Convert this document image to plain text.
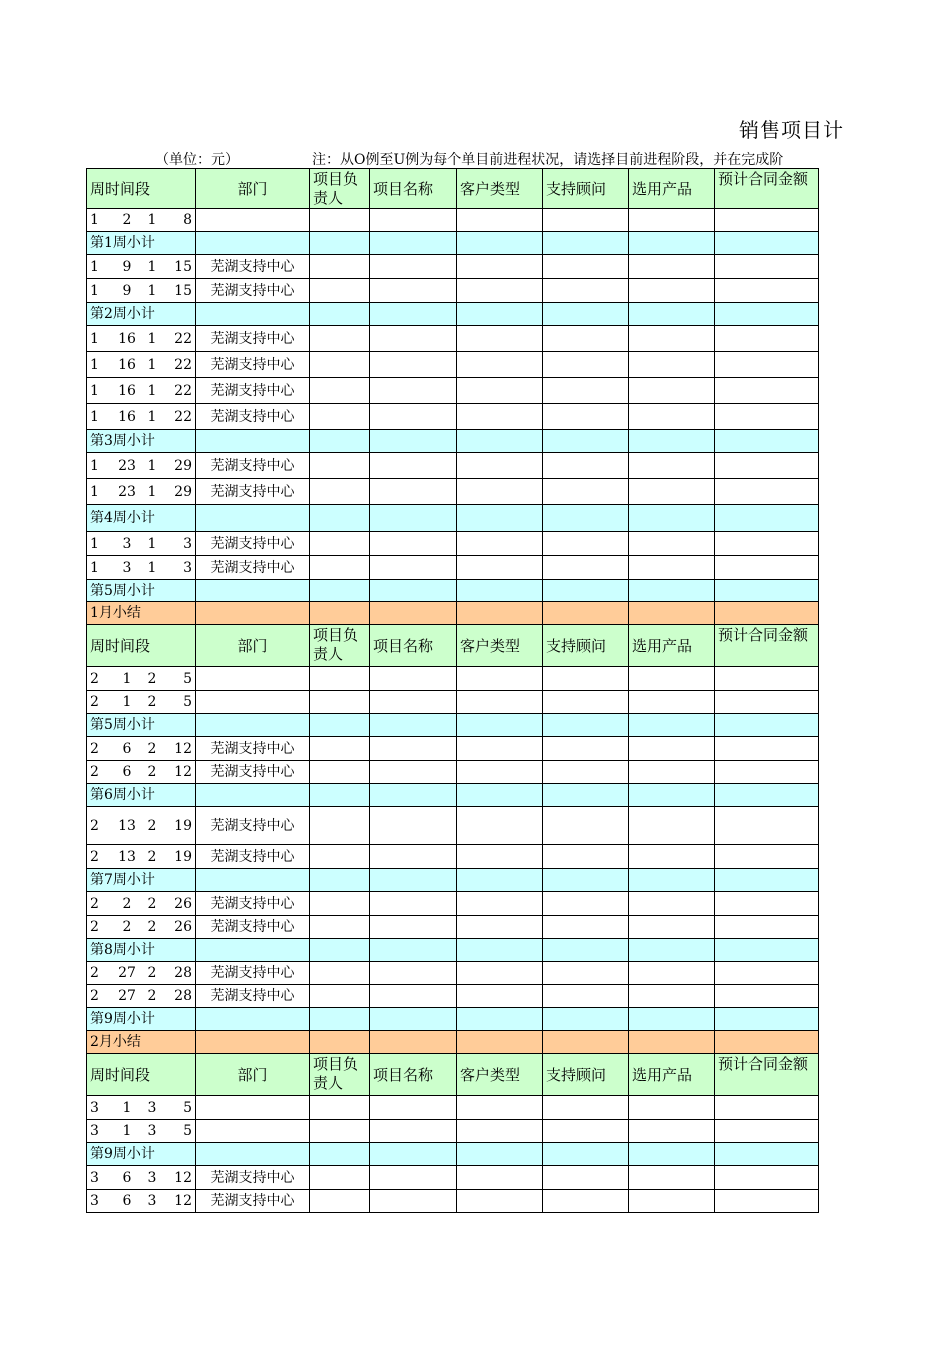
销售项目计
（单位：元）	注：从O例至U例为每个单目前进程状况，请选择目前进程阶段，并在完成阶
周时间段	部门	项目负责人	项目名称	客户类型	支持顾问	选用产品	预计合同金额
1 2 1 8							
第1周小计							
1 9 1 15	芜湖支持中心						
1 9 1 15	芜湖支持中心						
第2周小计							
1 16 1 22	芜湖支持中心						
1 16 1 22	芜湖支持中心						
1 16 1 22	芜湖支持中心						
1 16 1 22	芜湖支持中心						
第3周小计							
1 23 1 29	芜湖支持中心						
1 23 1 29	芜湖支持中心						
第4周小计							
1 3 1 3	芜湖支持中心						
1 3 1 3	芜湖支持中心						
第5周小计							
1月小结							
周时间段	部门	项目负责人	项目名称	客户类型	支持顾问	选用产品	预计合同金额
2 1 2 5							
2 1 2 5							
第5周小计							
2 6 2 12	芜湖支持中心						
2 6 2 12	芜湖支持中心						
第6周小计							
2 13 2 19	芜湖支持中心						
2 13 2 19	芜湖支持中心						
第7周小计							
2 2 2 26	芜湖支持中心						
2 2 2 26	芜湖支持中心						
第8周小计							
2 27 2 28	芜湖支持中心						
2 27 2 28	芜湖支持中心						
第9周小计							
2月小结							
周时间段	部门	项目负责人	项目名称	客户类型	支持顾问	选用产品	预计合同金额
3 1 3 5							
3 1 3 5							
第9周小计							
3 6 3 12	芜湖支持中心						
3 6 3 12	芜湖支持中心						
